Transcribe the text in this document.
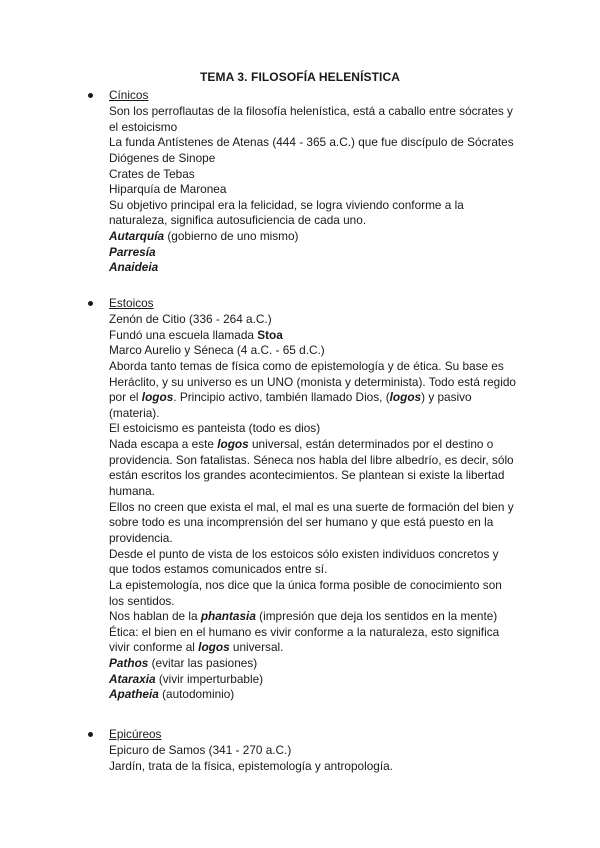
TEMA 3. FILOSOFÍA HELENÍSTICA
Cínicos
Son los perroflautas de la filosofía helenística, está a caballo entre sócrates y
el estoicismo
La funda Antístenes de Atenas (444 - 365 a.C.) que fue discípulo de Sócrates
Diógenes de Sinope
Crates de Tebas
Hiparquía de Maronea
Su objetivo principal era la felicidad, se logra viviendo conforme a la
naturaleza, significa autosuficiencia de cada uno.
Autarquía (gobierno de uno mismo)
Parresía
Anaideia
Estoicos
Zenón de Citio (336 - 264 a.C.)
Fundó una escuela llamada Stoa
Marco Aurelio y Séneca (4 a.C. - 65 d.C.)
Aborda tanto temas de física como de epistemología y de ética. Su base es
Heráclito, y su universo es un UNO (monista y determinista). Todo está regido
por el logos. Principio activo, también llamado Dios, (logos) y pasivo
(materia).
El estoicismo es panteista (todo es dios)
Nada escapa a este logos universal, están determinados por el destino o
providencia. Son fatalistas. Séneca nos habla del libre albedrío, es decir, sólo
están escritos los grandes acontecimientos. Se plantean si existe la libertad
humana.
Ellos no creen que exista el mal, el mal es una suerte de formación del bien y
sobre todo es una incomprensión del ser humano y que está puesto en la
providencia.
Desde el punto de vista de los estoicos sólo existen individuos concretos y
que todos estamos comunicados entre sí.
La epistemología, nos dice que la única forma posible de conocimiento son
los sentidos.
Nos hablan de la phantasia (impresión que deja los sentidos en la mente)
Ética: el bien en el humano es vivir conforme a la naturaleza, esto significa
vivir conforme al logos universal.
Pathos (evitar las pasiones)
Ataraxia (vivir imperturbable)
Apatheia (autodominio)
Epicúreos
Epicuro de Samos (341 - 270 a.C.)
Jardín, trata de la física, epistemología y antropología.
